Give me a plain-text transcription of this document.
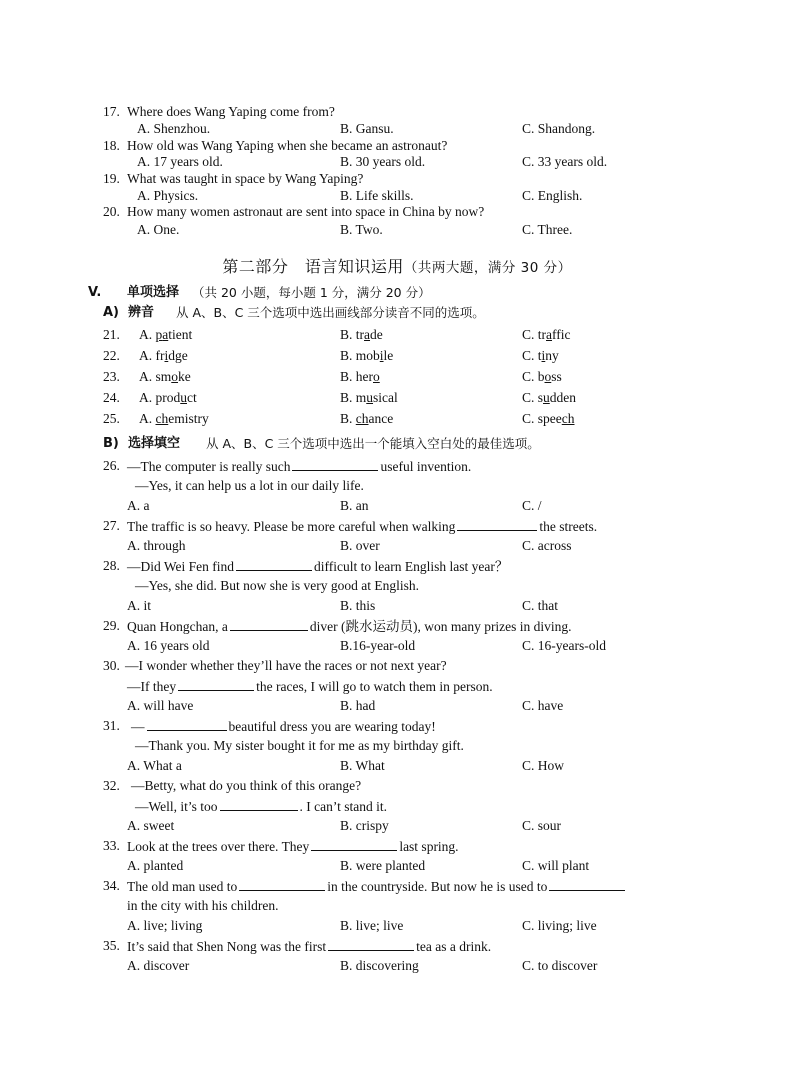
17. Where does Wang Yaping come from?
A. Shenzhou.	B. Gansu.	C. Shandong.
18. How old was Wang Yaping when she became an astronaut?
A. 17 years old.	B. 30 years old.	C. 33 years old.
19. What was taught in space by Wang Yaping?
A. Physics.	B. Life skills.	C. English.
20. How many women astronaut are sent into space in China by now?
A. One.	B. Two.	C. Three.
第二部分　语言知识运用（共两大题，满分 30 分）
V. 单项选择 （共 20 小题，每小题 1 分，满分 20 分）
A) 辨音 从 A、B、C 三个选项中选出画线部分读音不同的选项。
21. A. patient	B. trade	C. traffic
22. A. fridge	B. mobile	C. tiny
23. A. smoke	B. hero	C. boss
24. A. product	B. musical	C. sudden
25. A. chemistry	B. chance	C. speech
B) 选择填空 从 A、B、C 三个选项中选出一个能填入空白处的最佳选项。
26. —The computer is really such	useful invention.
—Yes, it can help us a lot in our daily life.
A. a	B. an	C. /
27. The traffic is so heavy. Please be more careful when walking	the streets.
A. through	B. over	C. across
28. —Did Wei Fen find	difficult to learn English last year？
—Yes, she did. But now she is very good at English.
A. it	B. this	C. that
29. Quan Hongchan, a	diver (跳水运动员), won many prizes in diving.
A. 16 years old	B.16-year-old	C. 16-years-old
30. —I wonder whether they’ll have the races or not next year?
—If they	the races, I will go to watch them in person.
A. will have	B. had	C. have
31. —	beautiful dress you are wearing today!
—Thank you. My sister bought it for me as my birthday gift.
A. What a	B. What	C. How
32. —Betty, what do you think of this orange?
—Well, it’s too	. I can’t stand it.
A. sweet	B. crispy	C. sour
33. Look at the trees over there. They	last spring.
A. planted	B. were planted	C. will plant
34. The old man used to	in the countryside. But now he is used to
in the city with his children.
A. live; living	B. live; live	C. living; live
35. It’s said that Shen Nong was the first	tea as a drink.
A. discover	B. discovering	C. to discover
